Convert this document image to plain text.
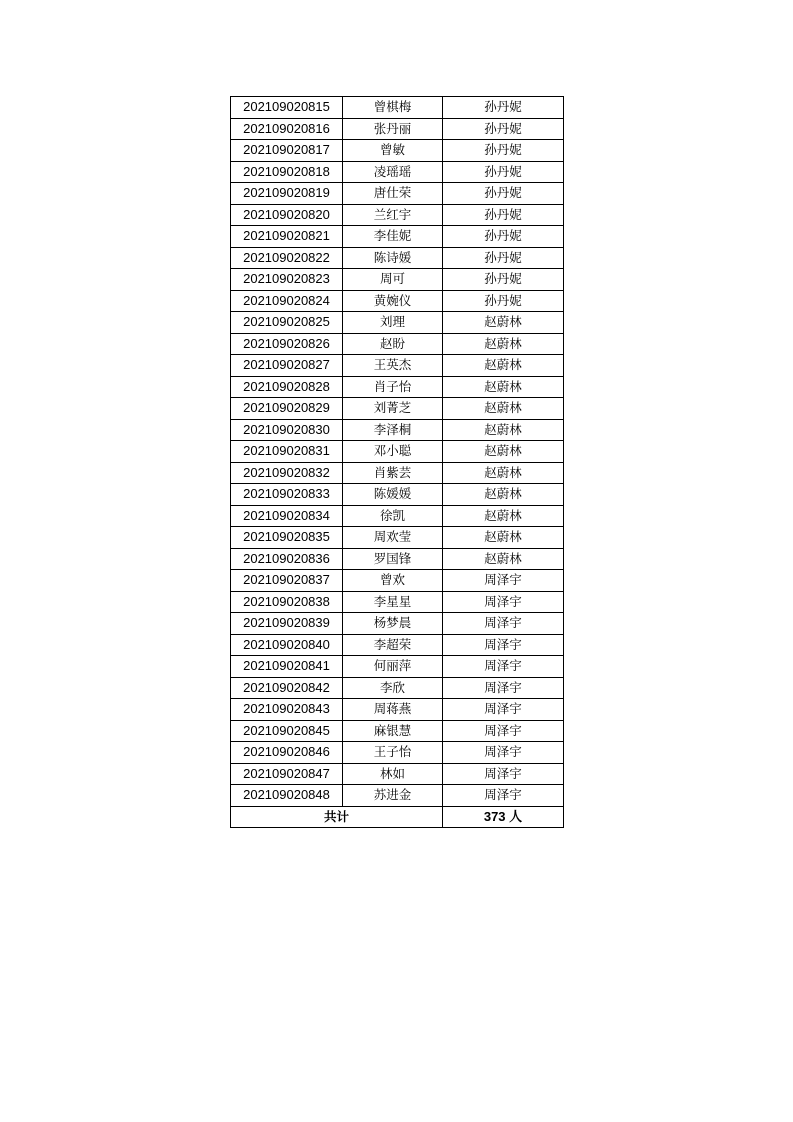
202109020815	曾棋梅	孙丹妮
202109020816	张丹丽	孙丹妮
202109020817	曾敏	孙丹妮
202109020818	凌瑶瑶	孙丹妮
202109020819	唐仕荣	孙丹妮
202109020820	兰红宇	孙丹妮
202109020821	李佳妮	孙丹妮
202109020822	陈诗媛	孙丹妮
202109020823	周可	孙丹妮
202109020824	黄婉仪	孙丹妮
202109020825	刘理	赵蔚林
202109020826	赵盼	赵蔚林
202109020827	王英杰	赵蔚林
202109020828	肖子怡	赵蔚林
202109020829	刘菁芝	赵蔚林
202109020830	李泽桐	赵蔚林
202109020831	邓小聪	赵蔚林
202109020832	肖紫芸	赵蔚林
202109020833	陈媛媛	赵蔚林
202109020834	徐凯	赵蔚林
202109020835	周欢莹	赵蔚林
202109020836	罗国锋	赵蔚林
202109020837	曾欢	周泽宇
202109020838	李星星	周泽宇
202109020839	杨梦晨	周泽宇
202109020840	李超荣	周泽宇
202109020841	何丽萍	周泽宇
202109020842	李欣	周泽宇
202109020843	周蒋燕	周泽宇
202109020845	麻银慧	周泽宇
202109020846	王子怡	周泽宇
202109020847	林如	周泽宇
202109020848	苏进金	周泽宇
共计		373 人
